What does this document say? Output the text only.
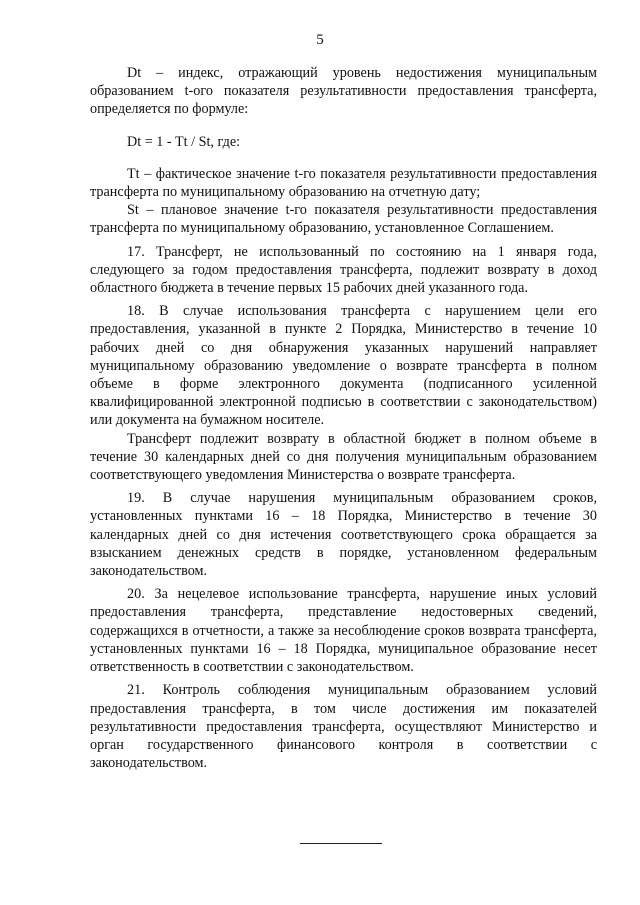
5

Dt – индекс, отражающий уровень недостижения муниципальным образованием t-ого показателя результативности предоставления трансферта, определяется по формуле:

Dt = 1 - Tt / St, где:

Tt – фактическое значение t-го показателя результативности предоставления трансферта по муниципальному образованию на отчетную дату;

St – плановое значение t-го показателя результативности предоставления трансферта по муниципальному образованию, установленное Соглашением.

17. Трансферт, не использованный по состоянию на 1 января года, следующего за годом предоставления трансферта, подлежит возврату в доход областного бюджета в течение первых 15 рабочих дней указанного года.

18. В случае использования трансферта с нарушением цели его предоставления, указанной в пункте 2 Порядка, Министерство в течение 10 рабочих дней со дня обнаружения указанных нарушений направляет муниципальному образованию уведомление о возврате трансферта в полном объеме в форме электронного документа (подписанного усиленной квалифицированной электронной подписью в соответствии с законодательством) или документа на бумажном носителе.

Трансферт подлежит возврату в областной бюджет в полном объеме в течение 30 календарных дней со дня получения муниципальным образованием соответствующего уведомления Министерства о возврате трансферта.

19. В случае нарушения муниципальным образованием сроков, установленных пунктами 16 – 18 Порядка, Министерство в течение 30 календарных дней со дня истечения соответствующего срока обращается за взысканием денежных средств в порядке, установленном федеральным законодательством.

20. За нецелевое использование трансферта, нарушение иных условий предоставления трансферта, представление недостоверных сведений, содержащихся в отчетности, а также за несоблюдение сроков возврата трансферта, установленных пунктами 16 – 18 Порядка, муниципальное образование несет ответственность в соответствии с законодательством.

21. Контроль соблюдения муниципальным образованием условий предоставления трансферта, в том числе достижения им показателей результативности предоставления трансферта, осуществляют Министерство и орган государственного финансового контроля в соответствии с законодательством.
